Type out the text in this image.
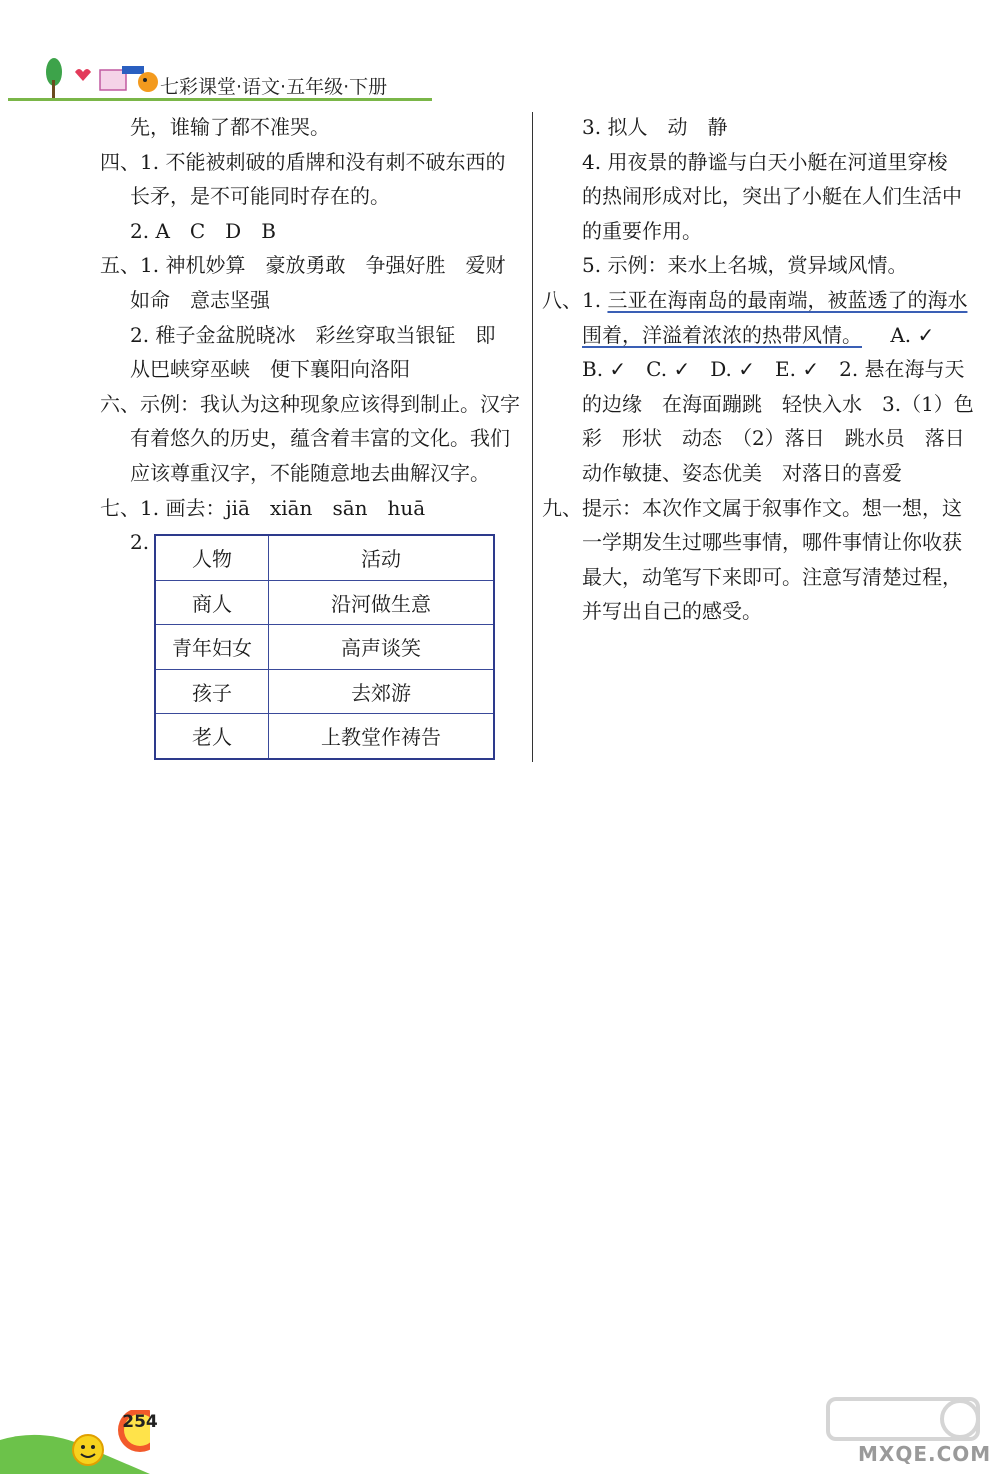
七彩课堂·语文·五年级·下册
先，谁输了都不准哭。
四、1. 不能被刺破的盾牌和没有刺不破东西的
长矛，是不可能同时存在的。
2. A　C　D　B
五、1. 神机妙算　豪放勇敢　争强好胜　爱财
如命　意志坚强
2. 稚子金盆脱晓冰　彩丝穿取当银钲　即
从巴峡穿巫峡　便下襄阳向洛阳
六、示例：我认为这种现象应该得到制止。汉字
有着悠久的历史，蕴含着丰富的文化。我们
应该尊重汉字，不能随意地去曲解汉字。
七、1. 画去：jiā　xiān　sān　huā
2.
人物	活动
商人	沿河做生意
青年妇女	高声谈笑
孩子	去郊游
老人	上教堂作祷告
3. 拟人　动　静
4. 用夜景的静谧与白天小艇在河道里穿梭
的热闹形成对比，突出了小艇在人们生活中
的重要作用。
5. 示例：来水上名城，赏异域风情。
八、1. 三亚在海南岛的最南端，被蓝透了的海水
围着，洋溢着浓浓的热带风情。 A. ✓
B. ✓　C. ✓　D. ✓　E. ✓　2. 悬在海与天
的边缘　在海面蹦跳　轻快入水　3.（1）色
彩　形状　动态　（2）落日　跳水员　落日
动作敏捷、姿态优美　对落日的喜爱
九、提示：本次作文属于叙事作文。想一想，这
一学期发生过哪些事情，哪件事情让你收获
最大，动笔写下来即可。注意写清楚过程，
并写出自己的感受。
254
MXQE.COM
